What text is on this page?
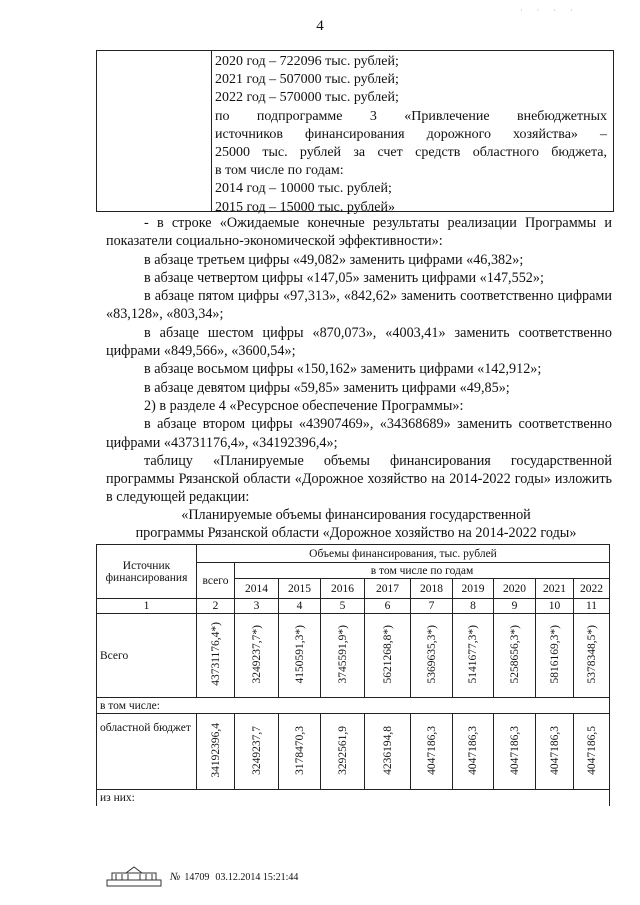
4
· · · ·
2020 год – 722096 тыс. рублей;
2021 год – 507000 тыс. рублей;
2022 год – 570000 тыс. рублей;
по подпрограмме 3 «Привлечение внебюджетных
источников финансирования дорожного хозяйства» –
25000 тыс. рублей за счет средств областного бюджета,
в том числе по годам:
2014 год – 10000 тыс. рублей;
2015 год – 15000 тыс. рублей»

- в строке «Ожидаемые конечные результаты реализации Программы и показатели социально-экономической эффективности»:

в абзаце третьем цифры «49,082» заменить цифрами «46,382»;

в абзаце четвертом цифры «147,05» заменить цифрами «147,552»;

в абзаце пятом цифры «97,313», «842,62» заменить соответственно цифрами «83,128», «803,34»;

в абзаце шестом цифры «870,073», «4003,41» заменить соответственно цифрами «849,566», «3600,54»;

в абзаце восьмом цифры «150,162» заменить цифрами «142,912»;

в абзаце девятом цифры «59,85» заменить цифрами «49,85»;

2) в разделе 4 «Ресурсное обеспечение Программы»:

в абзаце втором цифры «43907469», «34368689» заменить соответственно цифрами «43731176,4», «34192396,4»;

таблицу «Планируемые объемы финансирования государственной программы Рязанской области «Дорожное хозяйство на 2014-2022 годы» изложить в следующей редакции:

«Планируемые объемы финансирования государственной
программы Рязанской области «Дорожное хозяйство на 2014-2022 годы»
Источник финансирования	Объемы финансирования, тыс. рублей									
	всего	в том числе по годам								
		2014	2015	2016	2017	2018	2019	2020	2021	2022
1	2	3	4	5	6	7	8	9	10	11
Всего	43731176,4*)	3249237,7*)	4150591,3*)	3745591,9*)	5621268,8*)	5369635,3*)	5141677,3*)	5258656,3*)	5816169,3*)	5378348,5*)
в том числе:										
областной бюджет	34192396,4	3249237,7	3178470,3	3292561,9	4236194,8	4047186,3	4047186,3	4047186,3	4047186,3	4047186,5
из них:										
№ 14709 03.12.2014 15:21:44
